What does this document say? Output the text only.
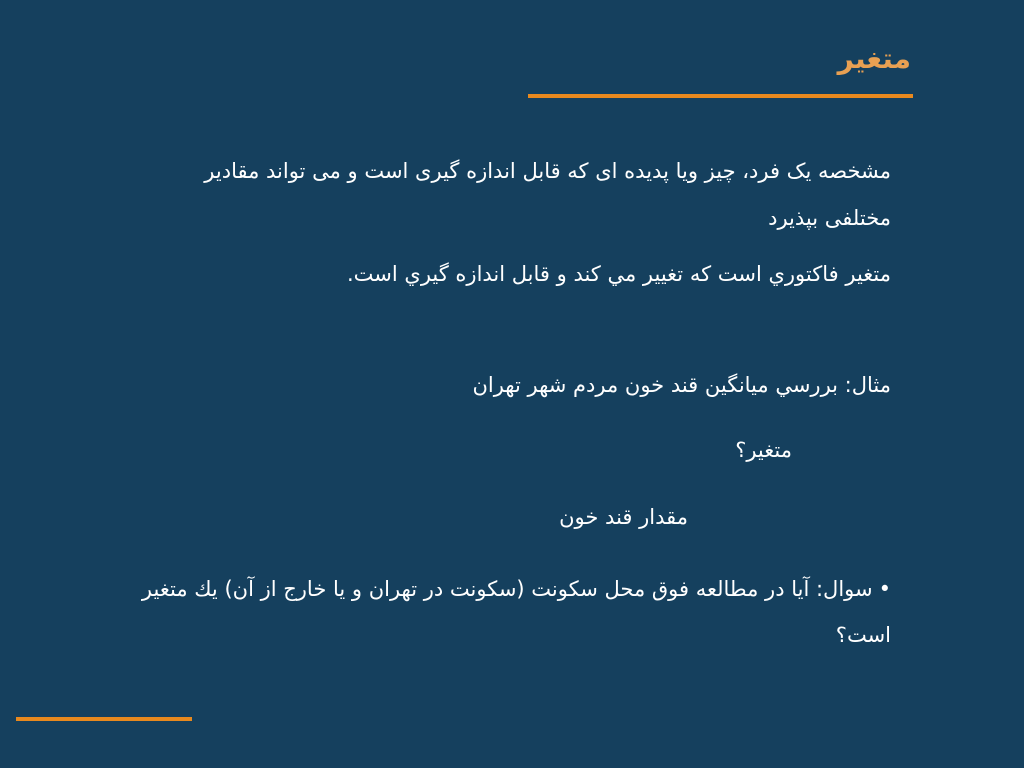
متغیر
مشخصه یک فرد، چیز ویا پدیده ای که قابل اندازه گیری است و می تواند مقادیر مختلفی بپذیرد
متغیر فاكتوري است كه تغيير مي كند و قابل اندازه گيري است.
مثال: بررسي ميانگين قند خون مردم شهر تهران
متغير؟
مقدار قند خون
•سوال: آيا در مطالعه فوق محل سكونت (سكونت در تهران و يا خارج از آن) يك متغير است؟
